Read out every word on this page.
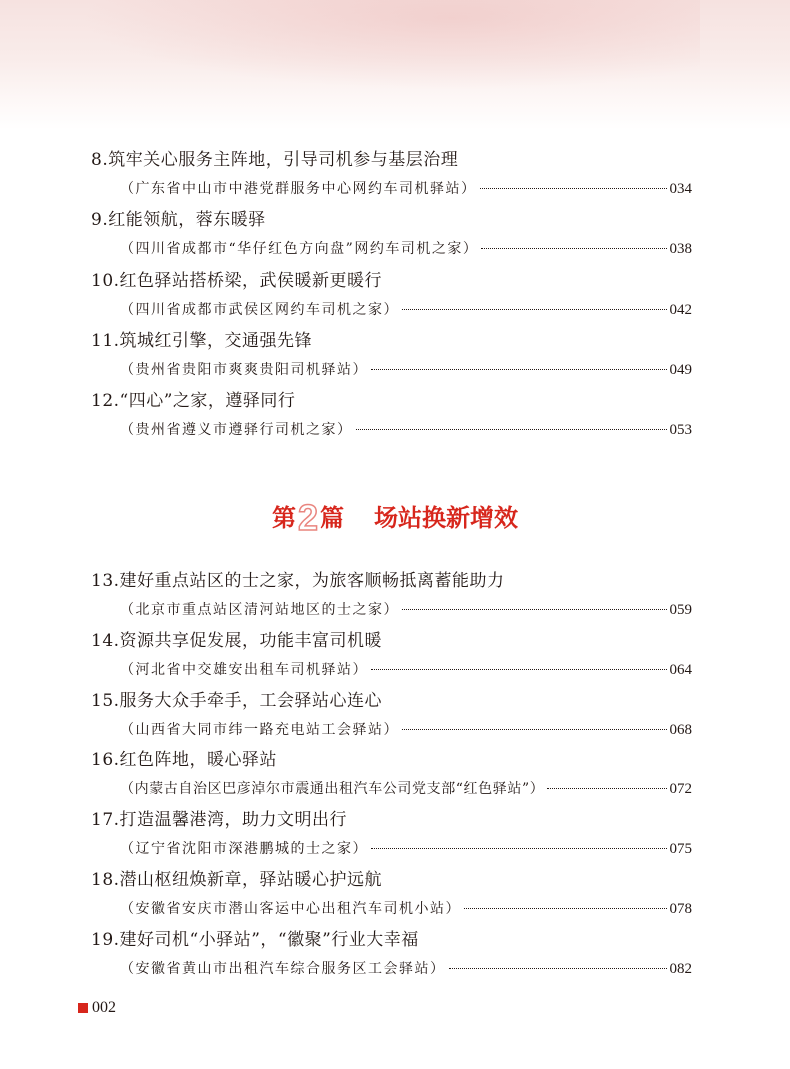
8.筑牢关心服务主阵地，引导司机参与基层治理
（广东省中山市中港党群服务中心网约车司机驿站）	034
9.红能领航，蓉东暖驿
（四川省成都市“华仔红色方向盘”网约车司机之家）	038
10.红色驿站搭桥梁，武侯暖新更暖行
（四川省成都市武侯区网约车司机之家）	042
11.筑城红引擎，交通强先锋
（贵州省贵阳市爽爽贵阳司机驿站）	049
12.“四心”之家，遵驿同行
（贵州省遵义市遵驿行司机之家）	053
第2篇 场站换新增效
13.建好重点站区的士之家，为旅客顺畅抵离蓄能助力
（北京市重点站区清河站地区的士之家）	059
14.资源共享促发展，功能丰富司机暖
（河北省中交雄安出租车司机驿站）	064
15.服务大众手牵手，工会驿站心连心
（山西省大同市纬一路充电站工会驿站）	068
16.红色阵地，暖心驿站
（内蒙古自治区巴彦淖尔市震通出租汽车公司党支部“红色驿站”）	072
17.打造温馨港湾，助力文明出行
（辽宁省沈阳市深港鹏城的士之家）	075
18.潜山枢纽焕新章，驿站暖心护远航
（安徽省安庆市潜山客运中心出租汽车司机小站）	078
19.建好司机“小驿站”，“徽聚”行业大幸福
（安徽省黄山市出租汽车综合服务区工会驿站）	082
002
